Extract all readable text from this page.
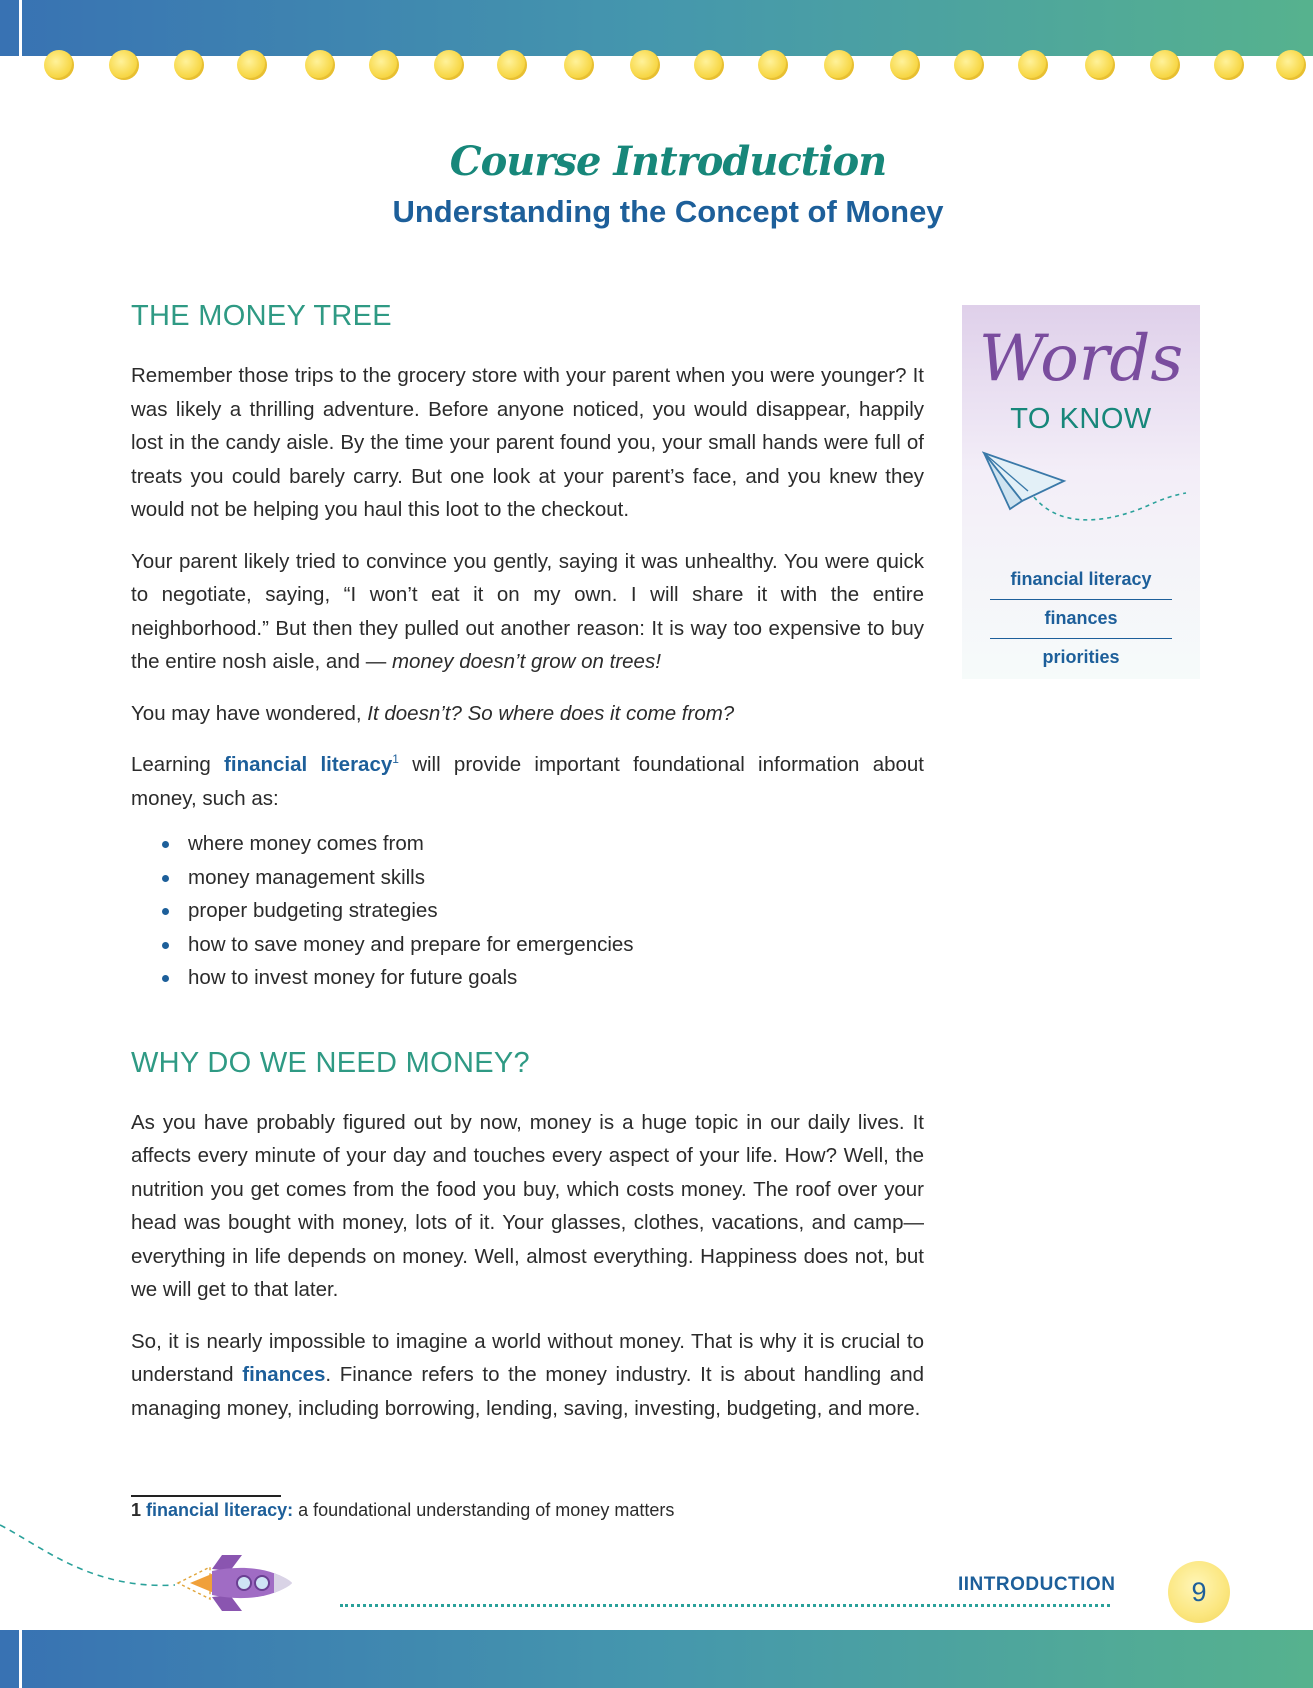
Course Introduction
Understanding the Concept of Money
THE MONEY TREE

Remember those trips to the grocery store with your parent when you were younger? It was likely a thrilling adventure. Before anyone noticed, you would disappear, happily lost in the candy aisle. By the time your parent found you, your small hands were full of treats you could barely carry. But one look at your parent’s face, and you knew they would not be helping you haul this loot to the checkout.

Your parent likely tried to convince you gently, saying it was unhealthy. You were quick to negotiate, saying, “I won’t eat it on my own. I will share it with the entire neighborhood.” But then they pulled out another reason: It is way too expensive to buy the entire nosh aisle, and — money doesn’t grow on trees!

You may have wondered, It doesn’t? So where does it come from?

Learning financial literacy$^1$ will provide important foundational information about money, such as:

where money comes from
money management skills
proper budgeting strategies
how to save money and prepare for emergencies
how to invest money for future goals
WHY DO WE NEED MONEY?

As you have probably figured out by now, money is a huge topic in our daily lives. It affects every minute of your day and touches every aspect of your life. How? Well, the nutrition you get comes from the food you buy, which costs money. The roof over your head was bought with money, lots of it. Your glasses, clothes, vacations, and camp—everything in life depends on money. Well, almost everything. Happiness does not, but we will get to that later.

So, it is nearly impossible to imagine a world without money. That is why it is crucial to understand finances. Finance refers to the money industry. It is about handling and managing money, including borrowing, lending, saving, investing, budgeting, and more.

Words
TO KNOW
financial literacy
finances
priorities
1 financial literacy: a foundational understanding of money matters
IINTRODUCTION	9
